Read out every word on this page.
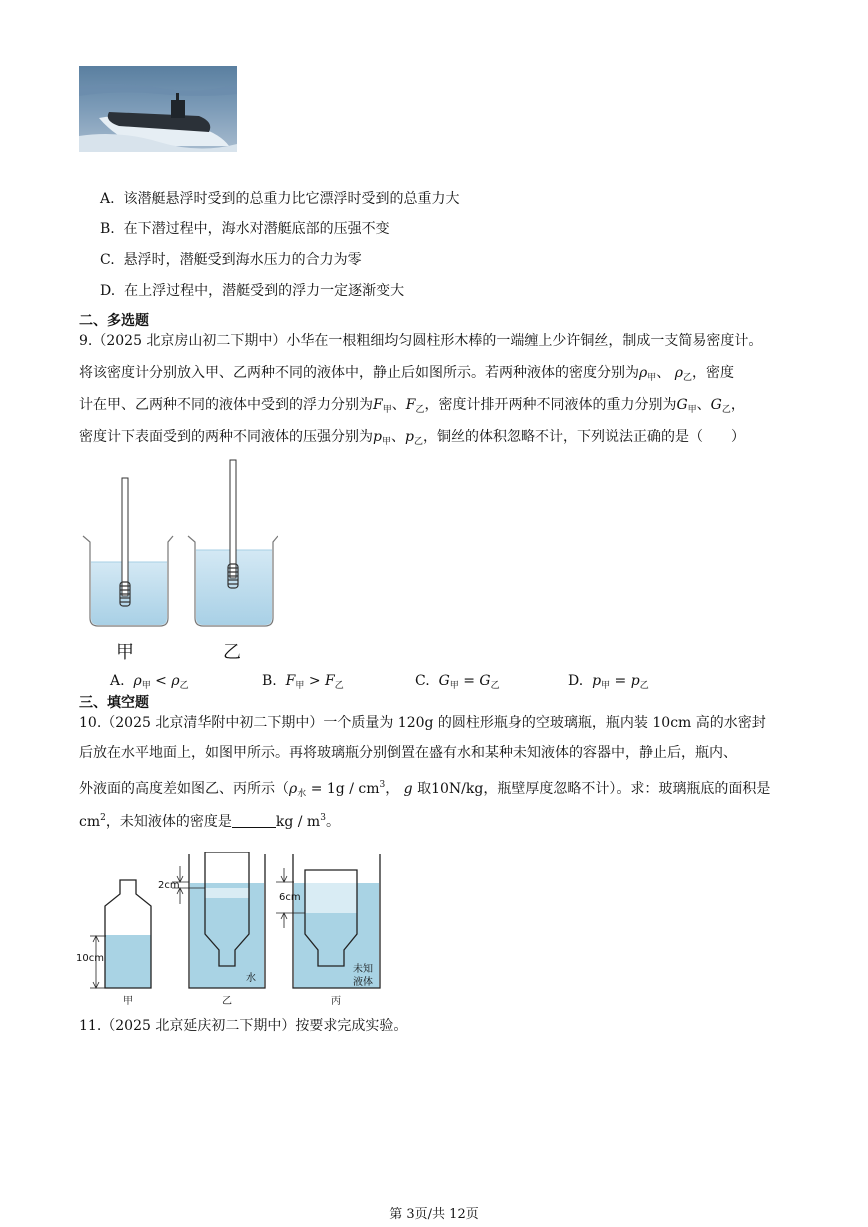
A. 该潜艇悬浮时受到的总重力比它漂浮时受到的总重力大
B. 在下潜过程中，海水对潜艇底部的压强不变
C. 悬浮时，潜艇受到海水压力的合力为零
D. 在上浮过程中，潜艇受到的浮力一定逐渐变大
二、多选题
9.（2025 北京房山初二下期中）小华在一根粗细均匀圆柱形木棒的一端缠上少许铜丝，制成一支简易密度计。
将该密度计分别放入甲、乙两种不同的液体中，静止后如图所示。若两种液体的密度分别为$\rho_甲$、 $\rho_乙$，密度
计在甲、乙两种不同的液体中受到的浮力分别为$F_甲$、$F_乙$，密度计排开两种不同液体的重力分别为$G_甲$、$G_乙$，
密度计下表面受到的两种不同液体的压强分别为$p_甲$、$p_乙$，铜丝的体积忽略不计，下列说法正确的是（　　）
甲	乙
A. $\rho_甲 < \rho_乙$	B. $F_甲 > F_乙$	C. $G_甲 = G_乙$	D. $p_甲 = p_乙$
三、填空题
10.（2025 北京清华附中初二下期中）一个质量为 120g 的圆柱形瓶身的空玻璃瓶，瓶内装 10cm 高的水密封
后放在水平地面上，如图甲所示。再将玻璃瓶分别倒置在盛有水和某种未知液体的容器中，静止后，瓶内、
外液面的高度差如图乙、丙所示（$\rho_水 = 1g / cm^3$， g 取10N/kg，瓶壁厚度忽略不计）。求：玻璃瓶底的面积是
$cm^2$，未知液体的密度是	kg / $m^3$。
10cm
2cm
6cm
水
未知
液体
甲	乙	丙
11.（2025 北京延庆初二下期中）按要求完成实验。
第 3页/共 12页
